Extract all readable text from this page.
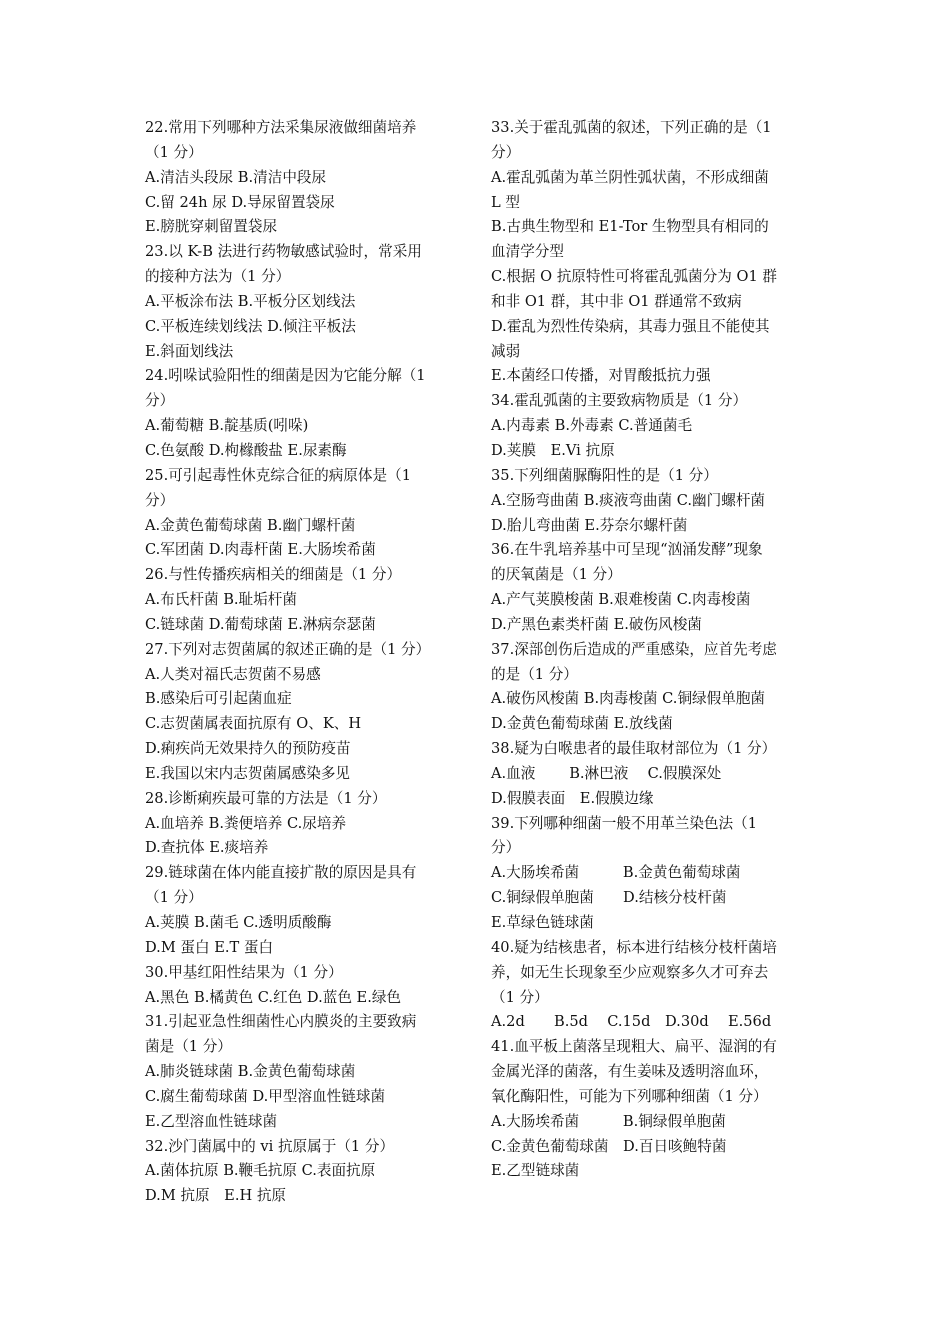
22.常用下列哪种方法采集尿液做细菌培养
（1 分）
A.清洁头段尿 B.清洁中段尿
C.留 24h 尿 D.导尿留置袋尿
E.膀胱穿刺留置袋尿
23.以 K-B 法进行药物敏感试验时，常采用
的接种方法为（1 分）
A.平板涂布法 B.平板分区划线法
C.平板连续划线法 D.倾注平板法
E.斜面划线法
24.吲哚试验阳性的细菌是因为它能分解（1
分）
A.葡萄糖 B.靛基质(吲哚)
C.色氨酸 D.枸橼酸盐 E.尿素酶
25.可引起毒性休克综合征的病原体是（1
分）
A.金黄色葡萄球菌 B.幽门螺杆菌
C.军团菌 D.肉毒杆菌 E.大肠埃希菌
26.与性传播疾病相关的细菌是（1 分）
A.布氏杆菌 B.耻垢杆菌
C.链球菌 D.葡萄球菌 E.淋病奈瑟菌
27.下列对志贺菌属的叙述正确的是（1 分）
A.人类对福氏志贺菌不易感
B.感染后可引起菌血症
C.志贺菌属表面抗原有 O、K、H
D.痢疾尚无效果持久的预防疫苗
E.我国以宋内志贺菌属感染多见
28.诊断痢疾最可靠的方法是（1 分）
A.血培养 B.粪便培养 C.尿培养
D.查抗体 E.痰培养
29.链球菌在体内能直接扩散的原因是具有
（1 分）
A.荚膜 B.菌毛 C.透明质酸酶
D.M 蛋白 E.T 蛋白
30.甲基红阳性结果为（1 分）
A.黑色 B.橘黄色 C.红色 D.蓝色 E.绿色
31.引起亚急性细菌性心内膜炎的主要致病
菌是（1 分）
A.肺炎链球菌 B.金黄色葡萄球菌
C.腐生葡萄球菌 D.甲型溶血性链球菌
E.乙型溶血性链球菌
32.沙门菌属中的 vi 抗原属于（1 分）
A.菌体抗原 B.鞭毛抗原 C.表面抗原
D.M 抗原　E.H 抗原
33.关于霍乱弧菌的叙述，下列正确的是（1
分）
A.霍乱弧菌为革兰阴性弧状菌，不形成细菌
L 型
B.古典生物型和 E1-Tor 生物型具有相同的
血清学分型
C.根据 O 抗原特性可将霍乱弧菌分为 O1 群
和非 O1 群，其中非 O1 群通常不致病
D.霍乱为烈性传染病，其毒力强且不能使其
减弱
E.本菌经口传播，对胃酸抵抗力强
34.霍乱弧菌的主要致病物质是（1 分）
A.内毒素 B.外毒素 C.普通菌毛
D.荚膜　E.Vi 抗原
35.下列细菌脲酶阳性的是（1 分）
A.空肠弯曲菌 B.痰液弯曲菌 C.幽门螺杆菌
D.胎儿弯曲菌 E.芬奈尔螺杆菌
36.在牛乳培养基中可呈现“汹涌发酵”现象
的厌氧菌是（1 分）
A.产气荚膜梭菌 B.艰难梭菌 C.肉毒梭菌
D.产黑色素类杆菌 E.破伤风梭菌
37.深部创伤后造成的严重感染，应首先考虑
的是（1 分）
A.破伤风梭菌 B.肉毒梭菌 C.铜绿假单胞菌
D.金黄色葡萄球菌 E.放线菌
38.疑为白喉患者的最佳取材部位为（1 分）
A.血液　　 B.淋巴液　 C.假膜深处
D.假膜表面　E.假膜边缘
39.下列哪种细菌一般不用革兰染色法（1
分）
A.大肠埃希菌　　　B.金黄色葡萄球菌
C.铜绿假单胞菌　　D.结核分枝杆菌
E.草绿色链球菌
40.疑为结核患者，标本进行结核分枝杆菌培
养，如无生长现象至少应观察多久才可弃去
（1 分）
A.2d　　B.5d　 C.15d　D.30d　 E.56d
41.血平板上菌落呈现粗大、扁平、湿润的有
金属光泽的菌落，有生姜味及透明溶血环，
氧化酶阳性，可能为下列哪种细菌（1 分）
A.大肠埃希菌　　　B.铜绿假单胞菌
C.金黄色葡萄球菌　D.百日咳鲍特菌
E.乙型链球菌
